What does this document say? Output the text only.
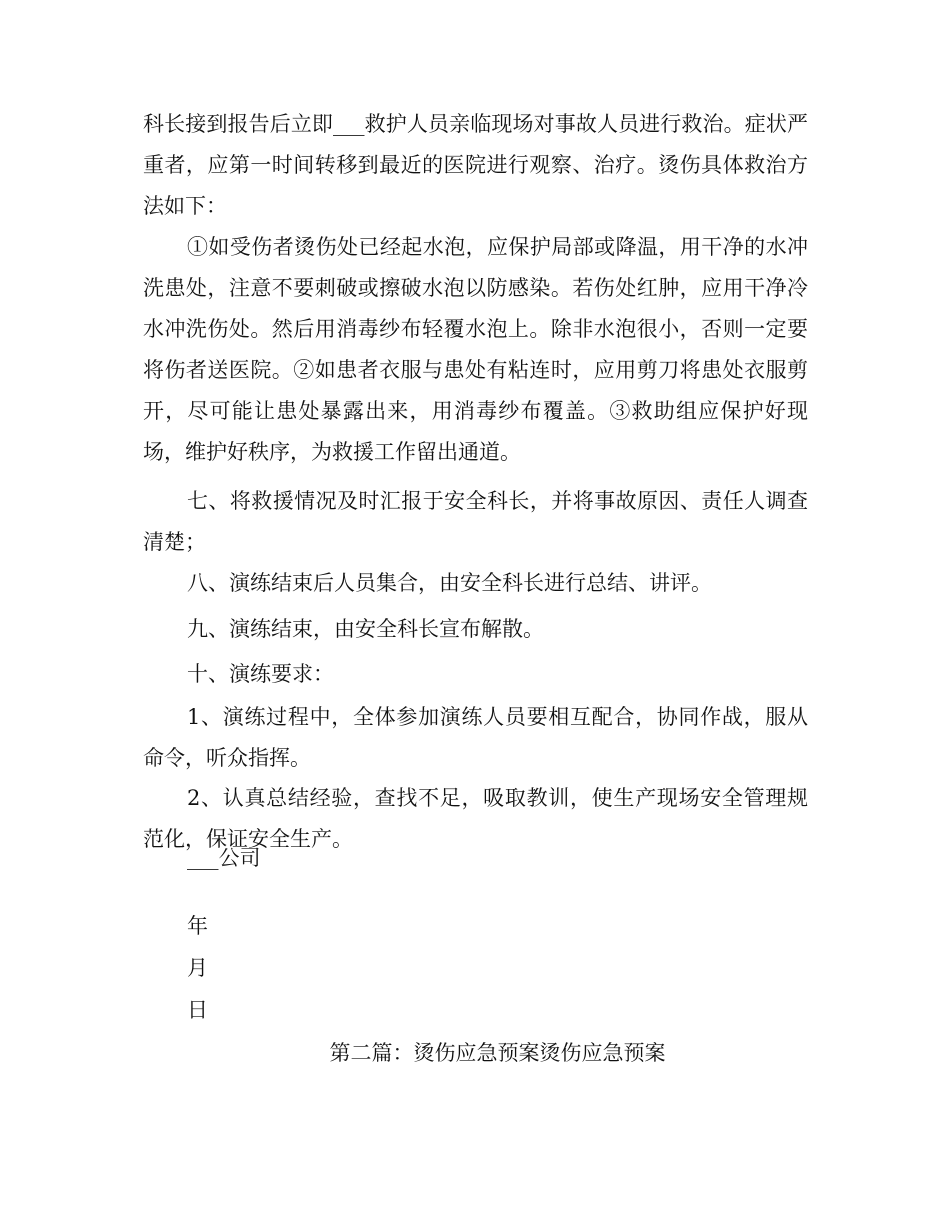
科长接到报告后立即___救护人员亲临现场对事故人员进行救治。症状严重者，应第一时间转移到最近的医院进行观察、治疗。烫伤具体救治方法如下：

①如受伤者烫伤处已经起水泡，应保护局部或降温，用干净的水冲洗患处，注意不要刺破或擦破水泡以防感染。若伤处红肿，应用干净冷水冲洗伤处。然后用消毒纱布轻覆水泡上。除非水泡很小，否则一定要将伤者送医院。②如患者衣服与患处有粘连时，应用剪刀将患处衣服剪开，尽可能让患处暴露出来，用消毒纱布覆盖。③救助组应保护好现场，维护好秩序，为救援工作留出通道。

七、将救援情况及时汇报于安全科长，并将事故原因、责任人调查清楚；

八、演练结束后人员集合，由安全科长进行总结、讲评。

九、演练结束，由安全科长宣布解散。

十、演练要求：

1、演练过程中，全体参加演练人员要相互配合，协同作战，服从命令，听众指挥。

2、认真总结经验，查找不足，吸取教训，使生产现场安全管理规范化，保证安全生产。

___公司

年

月

日

第二篇：烫伤应急预案烫伤应急预案
